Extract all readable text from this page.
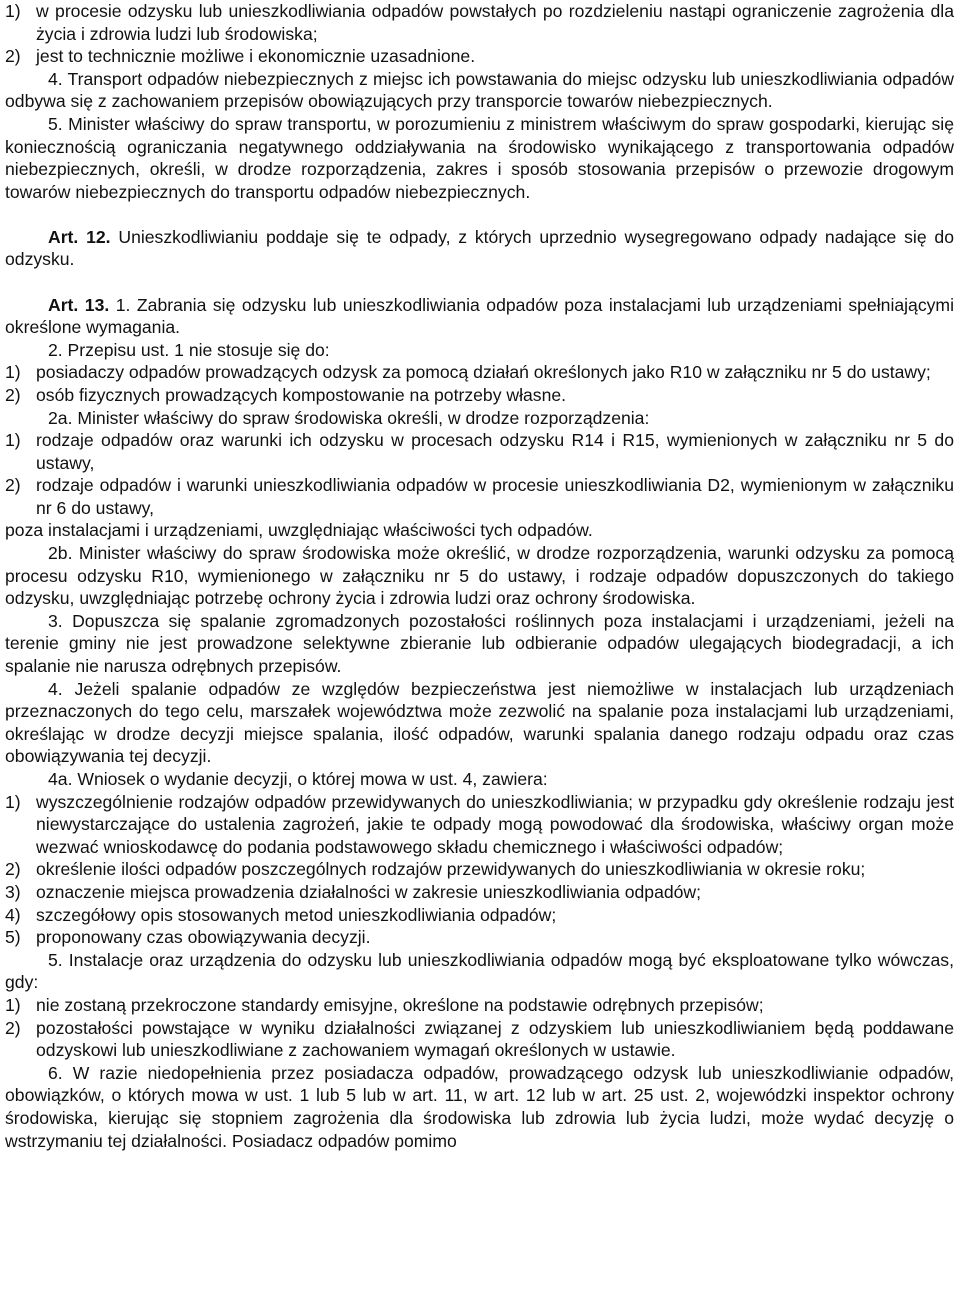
1) w procesie odzysku lub unieszkodliwiania odpadów powstałych po rozdzieleniu nastąpi ograniczenie zagrożenia dla życia i zdrowia ludzi lub środowiska;
2) jest to technicznie możliwe i ekonomicznie uzasadnione.

4. Transport odpadów niebezpiecznych z miejsc ich powstawania do miejsc odzysku lub unieszkodliwiania odpadów odbywa się z zachowaniem przepisów obowiązujących przy transporcie towarów niebezpiecznych.

5. Minister właściwy do spraw transportu, w porozumieniu z ministrem właściwym do spraw gospodarki, kierując się koniecznością ograniczania negatywnego oddziaływania na środowisko wynikającego z transportowania odpadów niebezpiecznych, określi, w drodze rozporządzenia, zakres i sposób stosowania przepisów o przewozie drogowym towarów niebezpiecznych do transportu odpadów niebezpiecznych.

Art. 12. Unieszkodliwianiu poddaje się te odpady, z których uprzednio wysegregowano odpady nadające się do odzysku.

Art. 13. 1. Zabrania się odzysku lub unieszkodliwiania odpadów poza instalacjami lub urządzeniami spełniającymi określone wymagania.

2. Przepisu ust. 1 nie stosuje się do:

1) posiadaczy odpadów prowadzących odzysk za pomocą działań określonych jako R10 w załączniku nr 5 do ustawy;
2) osób fizycznych prowadzących kompostowanie na potrzeby własne.

2a. Minister właściwy do spraw środowiska określi, w drodze rozporządzenia:

1) rodzaje odpadów oraz warunki ich odzysku w procesach odzysku R14 i R15, wymienionych w załączniku nr 5 do ustawy,
2) rodzaje odpadów i warunki unieszkodliwiania odpadów w procesie unieszkodliwiania D2, wymienionym w załączniku nr 6 do ustawy,

poza instalacjami i urządzeniami, uwzględniając właściwości tych odpadów.

2b. Minister właściwy do spraw środowiska może określić, w drodze rozporządzenia, warunki odzysku za pomocą procesu odzysku R10, wymienionego w załączniku nr 5 do ustawy, i rodzaje odpadów dopuszczonych do takiego odzysku, uwzględniając potrzebę ochrony życia i zdrowia ludzi oraz ochrony środowiska.

3. Dopuszcza się spalanie zgromadzonych pozostałości roślinnych poza instalacjami i urządzeniami, jeżeli na terenie gminy nie jest prowadzone selektywne zbieranie lub odbieranie odpadów ulegających biodegradacji, a ich spalanie nie narusza odrębnych przepisów.

4. Jeżeli spalanie odpadów ze względów bezpieczeństwa jest niemożliwe w instalacjach lub urządzeniach przeznaczonych do tego celu, marszałek województwa może zezwolić na spalanie poza instalacjami lub urządzeniami, określając w drodze decyzji miejsce spalania, ilość odpadów, warunki spalania danego rodzaju odpadu oraz czas obowiązywania tej decyzji.

4a. Wniosek o wydanie decyzji, o której mowa w ust. 4, zawiera:

1) wyszczególnienie rodzajów odpadów przewidywanych do unieszkodliwiania; w przypadku gdy określenie rodzaju jest niewystarczające do ustalenia zagrożeń, jakie te odpady mogą powodować dla środowiska, właściwy organ może wezwać wnioskodawcę do podania podstawowego składu chemicznego i właściwości odpadów;
2) określenie ilości odpadów poszczególnych rodzajów przewidywanych do unieszkodliwiania w okresie roku;
3) oznaczenie miejsca prowadzenia działalności w zakresie unieszkodliwiania odpadów;
4) szczegółowy opis stosowanych metod unieszkodliwiania odpadów;
5) proponowany czas obowiązywania decyzji.

5. Instalacje oraz urządzenia do odzysku lub unieszkodliwiania odpadów mogą być eksploatowane tylko wówczas, gdy:

1) nie zostaną przekroczone standardy emisyjne, określone na podstawie odrębnych przepisów;
2) pozostałości powstające w wyniku działalności związanej z odzyskiem lub unieszkodliwianiem będą poddawane odzyskowi lub unieszkodliwiane z zachowaniem wymagań określonych w ustawie.

6. W razie niedopełnienia przez posiadacza odpadów, prowadzącego odzysk lub unieszkodliwianie odpadów, obowiązków, o których mowa w ust. 1 lub 5 lub w art. 11, w art. 12 lub w art. 25 ust. 2, wojewódzki inspektor ochrony środowiska, kierując się stopniem zagrożenia dla środowiska lub zdrowia lub życia ludzi, może wydać decyzję o wstrzymaniu tej działalności. Posiadacz odpadów pomimo
